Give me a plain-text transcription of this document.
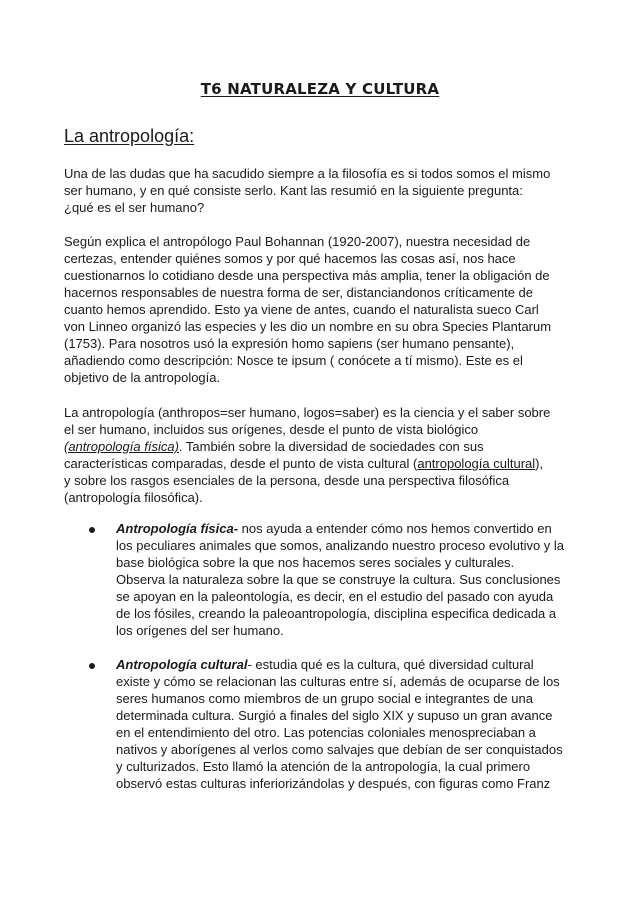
T6 NATURALEZA Y CULTURA
La antropología:

Una de las dudas que ha sacudido siempre a la filosofía es si todos somos el mismo
ser humano, y en qué consiste serlo. Kant las resumió en la siguiente pregunta:
¿qué es el ser humano?

Según explica el antropólogo Paul Bohannan (1920-2007), nuestra necesidad de
certezas, entender quiénes somos y por qué hacemos las cosas así, nos hace
cuestionarnos lo cotidiano desde una perspectiva más amplia, tener la obligación de
hacernos responsables de nuestra forma de ser, distanciandonos críticamente de
cuanto hemos aprendido. Esto ya viene de antes, cuando el naturalista sueco Carl
von Linneo organizó las especies y les dio un nombre en su obra Species Plantarum
(1753). Para nosotros usó la expresión homo sapiens (ser humano pensante),
añadiendo como descripción: Nosce te ipsum ( conócete a tí mismo). Este es el
objetivo de la antropología.

La antropología (anthropos=ser humano, logos=saber) es la ciencia y el saber sobre
el ser humano, incluidos sus orígenes, desde el punto de vista biológico
(antropología física). También sobre la diversidad de sociedades con sus
características comparadas, desde el punto de vista cultural (antropología cultural),
y sobre los rasgos esenciales de la persona, desde una perspectiva filosófica
(antropología filosófica).

Antropología física- nos ayuda a entender cómo nos hemos convertido en
los peculiares animales que somos, analizando nuestro proceso evolutivo y la
base biológica sobre la que nos hacemos seres sociales y culturales.
Observa la naturaleza sobre la que se construye la cultura. Sus conclusiones
se apoyan en la paleontología, es decir, en el estudio del pasado con ayuda
de los fósiles, creando la paleoantropología, disciplina especifica dedicada a
los orígenes del ser humano.

Antropología cultural- estudia qué es la cultura, qué diversidad cultural
existe y cómo se relacionan las culturas entre sí, además de ocuparse de los
seres humanos como miembros de un grupo social e integrantes de una
determinada cultura. Surgió a finales del siglo XIX y supuso un gran avance
en el entendimiento del otro. Las potencias coloniales menospreciaban a
nativos y aborígenes al verlos como salvajes que debían de ser conquistados
y culturizados. Esto llamó la atención de la antropología, la cual primero
observó estas culturas inferiorizándolas y después, con figuras como Franz
